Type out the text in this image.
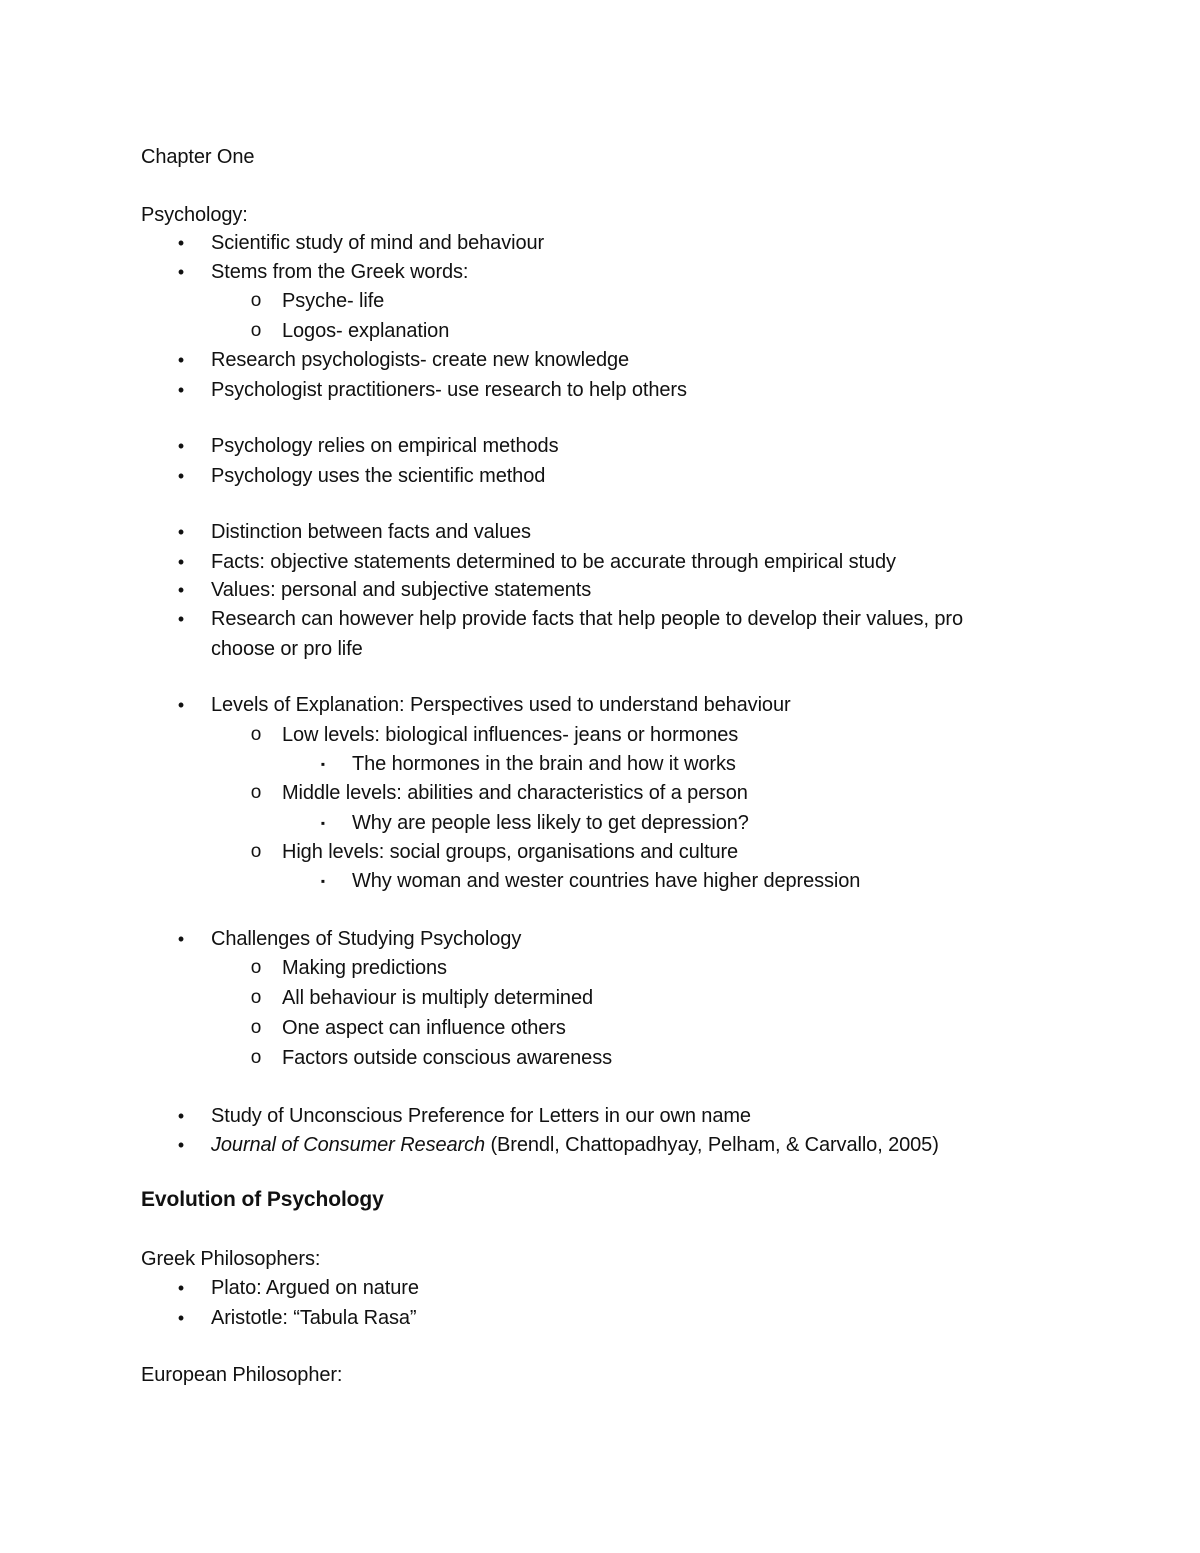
Chapter One
Psychology:
•	Scientific study of mind and behaviour
•	Stems from the Greek words:
o Psyche- life
o Logos- explanation
•	Research psychologists- create new knowledge
•	Psychologist practitioners- use research to help others
•	Psychology relies on empirical methods
•	Psychology uses the scientific method
•	Distinction between facts and values
•	Facts: objective statements determined to be accurate through empirical study
•	Values: personal and subjective statements
•	Research can however help provide facts that help people to develop their values, pro
choose or pro life
•	Levels of Explanation: Perspectives used to understand behaviour
o Low levels: biological influences- jeans or hormones
▪	The hormones in the brain and how it works
o Middle levels: abilities and characteristics of a person
▪	Why are people less likely to get depression?
o High levels: social groups, organisations and culture
▪	Why woman and wester countries have higher depression
•	Challenges of Studying Psychology
o Making predictions
o All behaviour is multiply determined
o One aspect can influence others
o Factors outside conscious awareness
•	Study of Unconscious Preference for Letters in our own name
•	Journal of Consumer Research (Brendl, Chattopadhyay, Pelham, & Carvallo, 2005)
Evolution of Psychology
Greek Philosophers:
•	Plato: Argued on nature
•	Aristotle: “Tabula Rasa”
European Philosopher:
